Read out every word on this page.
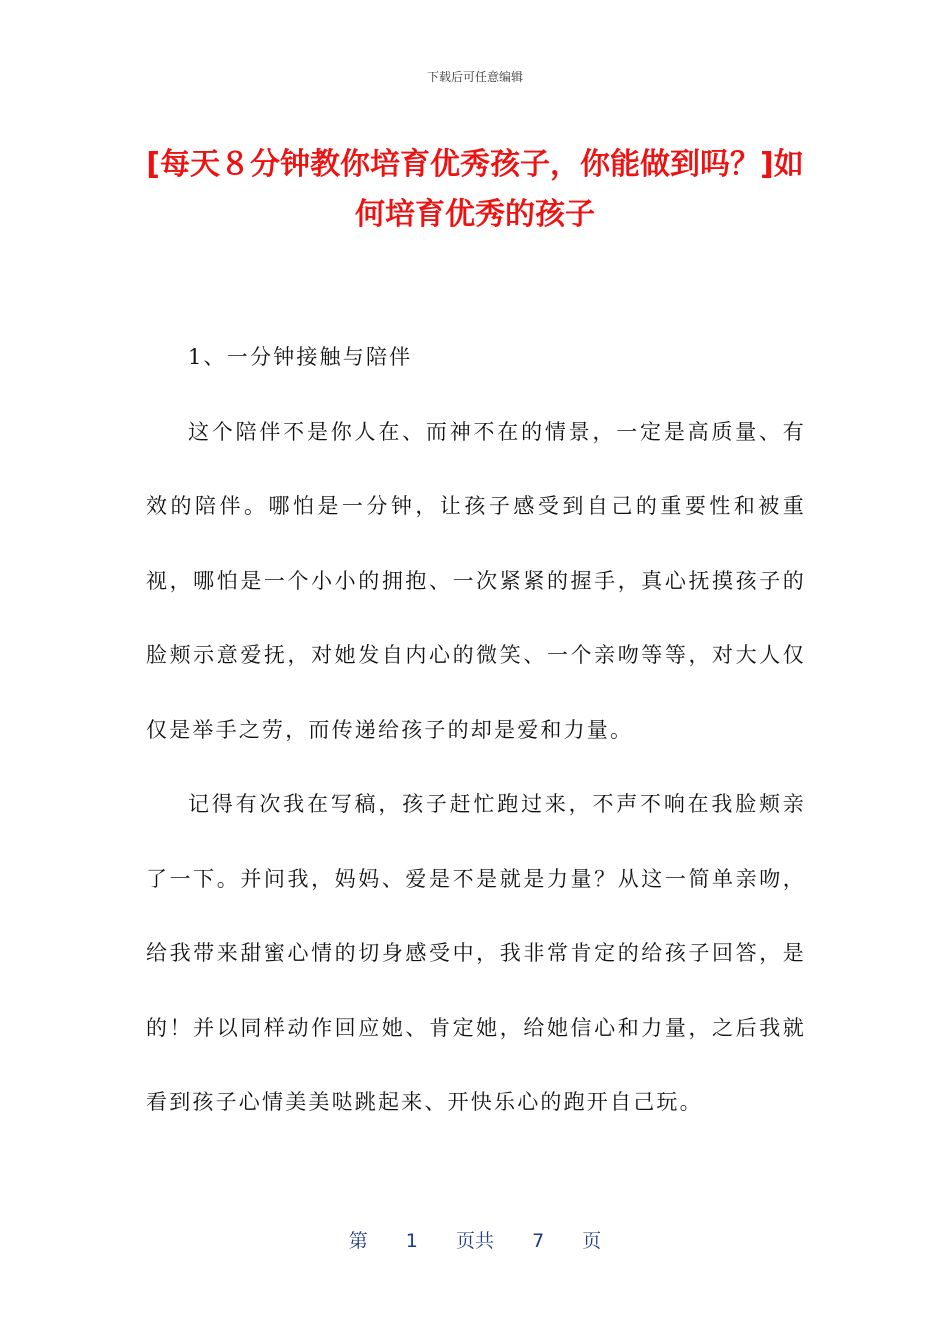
下载后可任意编辑
[每天８分钟教你培育优秀孩子，你能做到吗？]如何培育优秀的孩子

1、一分钟接触与陪伴

这个陪伴不是你人在、而神不在的情景，一定是高质量、有效的陪伴。哪怕是一分钟，让孩子感受到自己的重要性和被重视，哪怕是一个小小的拥抱、一次紧紧的握手，真心抚摸孩子的脸颊示意爱抚，对她发自内心的微笑、一个亲吻等等，对大人仅仅是举手之劳，而传递给孩子的却是爱和力量。

记得有次我在写稿，孩子赶忙跑过来，不声不响在我脸颊亲了一下。并问我，妈妈、爱是不是就是力量？从这一简单亲吻，给我带来甜蜜心情的切身感受中，我非常肯定的给孩子回答，是的！并以同样动作回应她、肯定她，给她信心和力量，之后我就看到孩子心情美美哒跳起来、开快乐心的跑开自己玩。

第 1 页共 7 页
